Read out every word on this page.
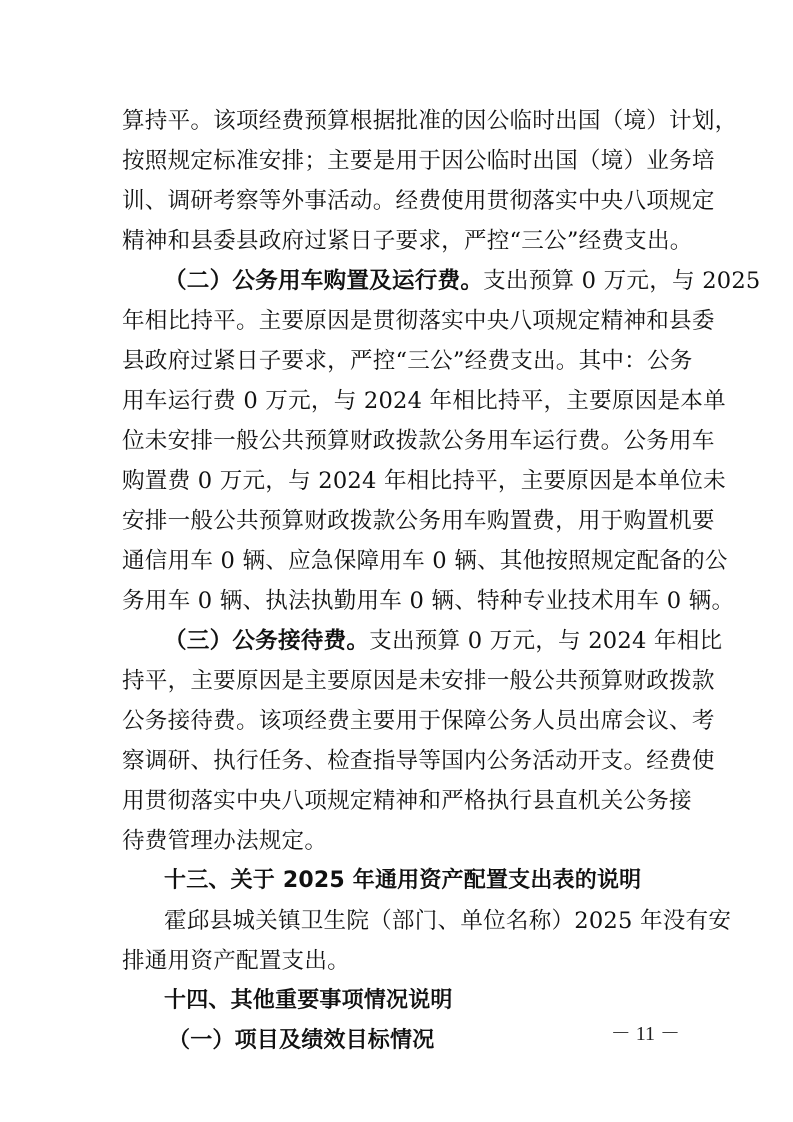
算持平。该项经费预算根据批准的因公临时出国（境）计划，
按照规定标准安排；主要是用于因公临时出国（境）业务培
训、调研考察等外事活动。经费使用贯彻落实中央八项规定
精神和县委县政府过紧日子要求，严控“三公”经费支出。
（二）公务用车购置及运行费。支出预算 0 万元，与 2025
年相比持平。主要原因是贯彻落实中央八项规定精神和县委
县政府过紧日子要求，严控“三公”经费支出。其中：公务
用车运行费 0 万元，与 2024 年相比持平，主要原因是本单
位未安排一般公共预算财政拨款公务用车运行费。公务用车
购置费 0 万元，与 2024 年相比持平，主要原因是本单位未
安排一般公共预算财政拨款公务用车购置费，用于购置机要
通信用车 0 辆、应急保障用车 0 辆、其他按照规定配备的公
务用车 0 辆、执法执勤用车 0 辆、特种专业技术用车 0 辆。
（三）公务接待费。支出预算 0 万元，与 2024 年相比
持平，主要原因是主要原因是未安排一般公共预算财政拨款
公务接待费。该项经费主要用于保障公务人员出席会议、考
察调研、执行任务、检查指导等国内公务活动开支。经费使
用贯彻落实中央八项规定精神和严格执行县直机关公务接
待费管理办法规定。
十三、关于 2025 年通用资产配置支出表的说明
霍邱县城关镇卫生院（部门、单位名称）2025 年没有安
排通用资产配置支出。
十四、其他重要事项情况说明
（一）项目及绩效目标情况	－ 11 －
